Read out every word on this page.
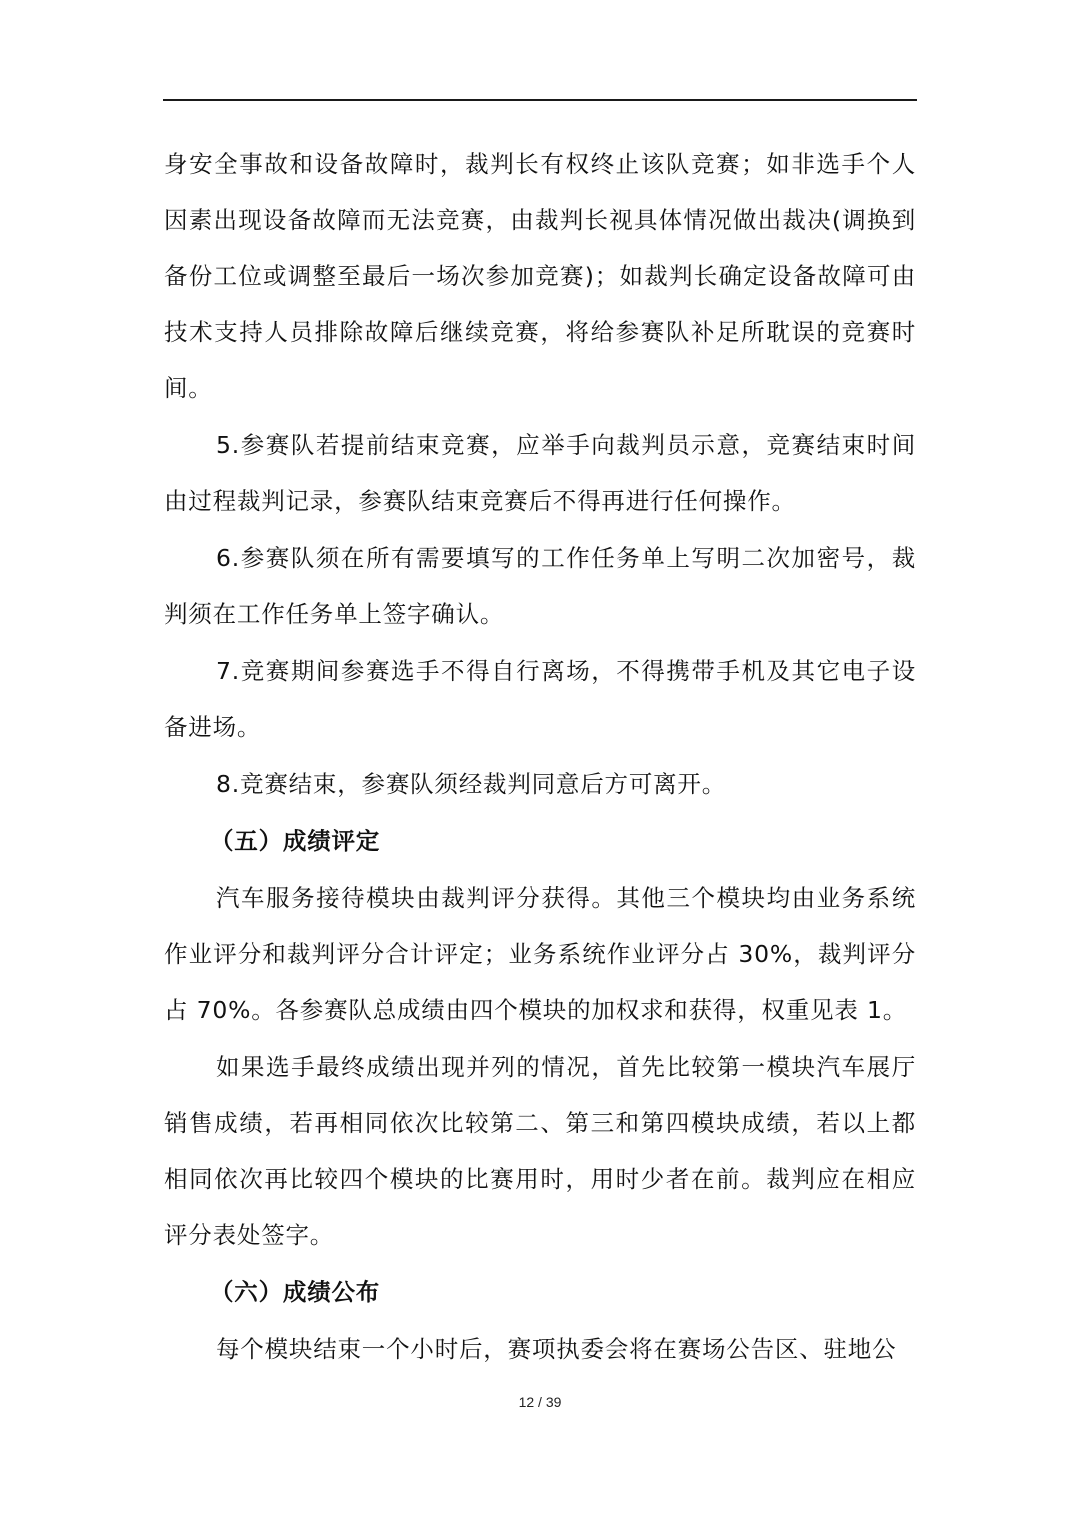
身安全事故和设备故障时，裁判长有权终止该队竞赛；如非选手个人因素出现设备故障而无法竞赛，由裁判长视具体情况做出裁决(调换到备份工位或调整至最后一场次参加竞赛)；如裁判长确定设备故障可由技术支持人员排除故障后继续竞赛，将给参赛队补足所耽误的竞赛时间。

5.参赛队若提前结束竞赛，应举手向裁判员示意，竞赛结束时间由过程裁判记录，参赛队结束竞赛后不得再进行任何操作。

6.参赛队须在所有需要填写的工作任务单上写明二次加密号，裁判须在工作任务单上签字确认。

7.竞赛期间参赛选手不得自行离场，不得携带手机及其它电子设备进场。

8.竞赛结束，参赛队须经裁判同意后方可离开。

（五）成绩评定

汽车服务接待模块由裁判评分获得。其他三个模块均由业务系统作业评分和裁判评分合计评定；业务系统作业评分占 30%，裁判评分占 70%。各参赛队总成绩由四个模块的加权求和获得，权重见表 1。

如果选手最终成绩出现并列的情况，首先比较第一模块汽车展厅销售成绩，若再相同依次比较第二、第三和第四模块成绩，若以上都相同依次再比较四个模块的比赛用时，用时少者在前。裁判应在相应评分表处签字。

（六）成绩公布

每个模块结束一个小时后，赛项执委会将在赛场公告区、驻地公

12 / 39
